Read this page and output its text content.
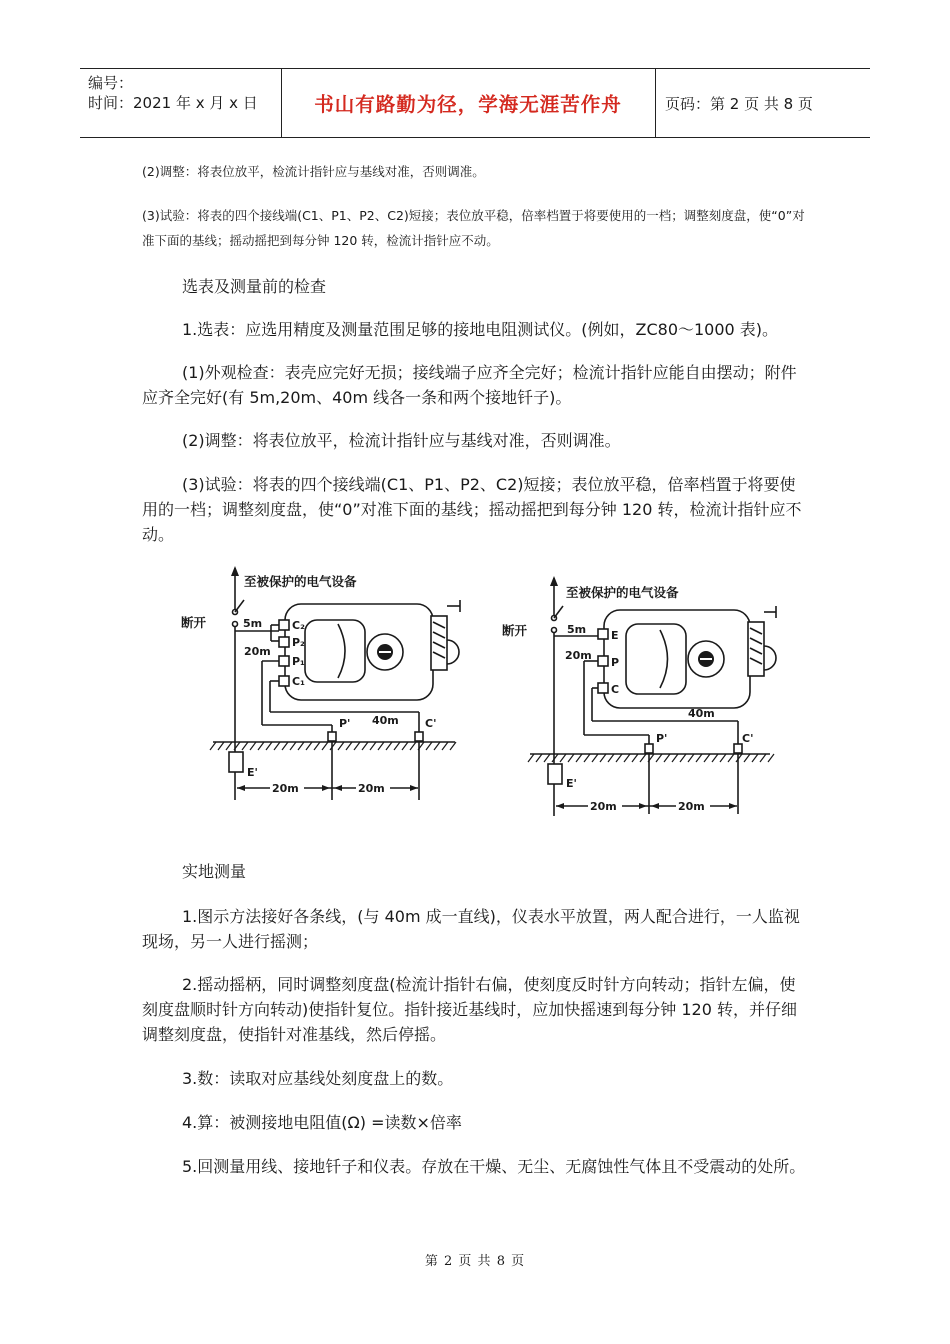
编号：
时间：2021 年 x 月 x 日	书山有路勤为径，学海无涯苦作舟	页码：第 2 页 共 8 页

(2)调整：将表位放平，检流计指针应与基线对准，否则调准。

(3)试验：将表的四个接线端(C1、P1、P2、C2)短接；表位放平稳，倍率档置于将要使用的一档；调整刻度盘，使“0”对准下面的基线；摇动摇把到每分钟 120 转，检流计指针应不动。

选表及测量前的检查

1.选表：应选用精度及测量范围足够的接地电阻测试仪。(例如，ZC80～1000 表)。

(1)外观检查：表壳应完好无损；接线端子应齐全完好；检流计指针应能自由摆动；附件应齐全完好(有 5m,20m、40m 线各一条和两个接地钎子)。

(2)调整：将表位放平，检流计指针应与基线对准，否则调准。

(3)试验：将表的四个接线端(C1、P1、P2、C2)短接；表位放平稳，倍率档置于将要使用的一档；调整刻度盘，使“0”对准下面的基线；摇动摇把到每分钟 120 转，检流计指针应不动。

至被保护的电气设备
断开
E'
C₂
P₂
P₁
C₁
5m
20m
40m
P'	C'
20m	20m
至被保护的电气设备
断开
E'
E
P
C
5m
20m
40m
P'	C'
20m	20m

实地测量

1.图示方法接好各条线，(与 40m 成一直线)，仪表水平放置，两人配合进行，一人监视现场，另一人进行摇测；

2.摇动摇柄，同时调整刻度盘(检流计指针右偏，使刻度反时针方向转动；指针左偏，使刻度盘顺时针方向转动)使指针复位。指针接近基线时，应加快摇速到每分钟 120 转，并仔细调整刻度盘，使指针对准基线，然后停摇。

3.数：读取对应基线处刻度盘上的数。

4.算：被测接地电阻值(Ω) =读数×倍率

5.回测量用线、接地钎子和仪表。存放在干燥、无尘、无腐蚀性气体且不受震动的处所。

第 2 页 共 8 页
